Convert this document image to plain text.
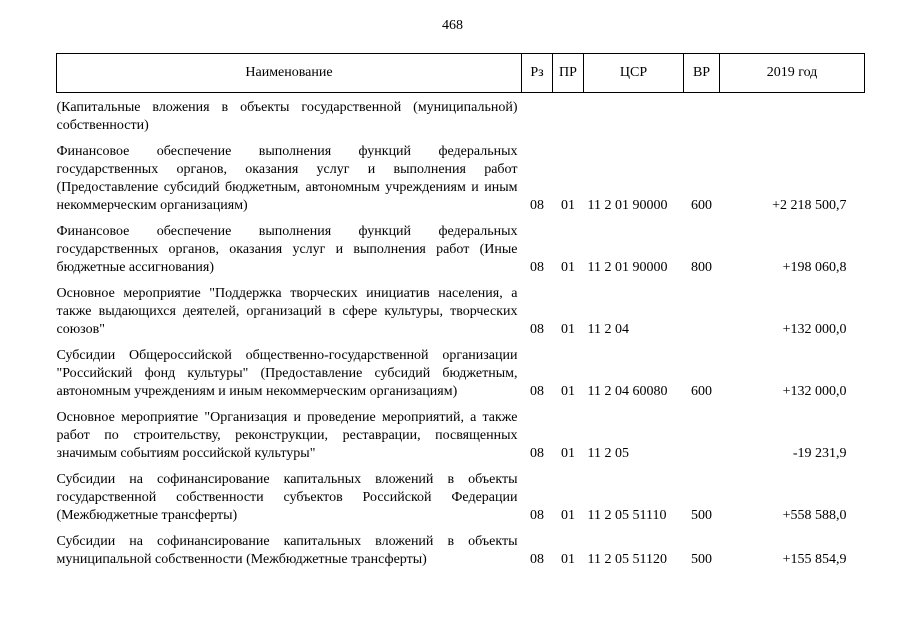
468
Наименование	Рз	ПР	ЦСР	ВР	2019 год
(Капитальные вложения в объекты государственной (муниципальной) собственности)					
Финансовое обеспечение выполнения функций федеральных государственных органов, оказания услуг и выполнения работ (Предоставление субсидий бюджетным, автономным учреждениям и иным некоммерческим организациям)	08	01	11 2 01 90000	600	+2 218 500,7
Финансовое обеспечение выполнения функций федеральных государственных органов, оказания услуг и выполнения работ (Иные бюджетные ассигнования)	08	01	11 2 01 90000	800	+198 060,8
Основное мероприятие "Поддержка творческих инициатив населения, а также выдающихся деятелей, организаций в сфере культуры, творческих союзов"	08	01	11 2 04		+132 000,0
Субсидии Общероссийской общественно-государственной организации "Российский фонд культуры" (Предоставление субсидий бюджетным, автономным учреждениям и иным некоммерческим организациям)	08	01	11 2 04 60080	600	+132 000,0
Основное мероприятие "Организация и проведение мероприятий, а также работ по строительству, реконструкции, реставрации, посвященных значимым событиям российской культуры"	08	01	11 2 05		-19 231,9
Субсидии на софинансирование капитальных вложений в объекты государственной собственности субъектов Российской Федерации (Межбюджетные трансферты)	08	01	11 2 05 51110	500	+558 588,0
Субсидии на софинансирование капитальных вложений в объекты муниципальной собственности (Межбюджетные трансферты)	08	01	11 2 05 51120	500	+155 854,9
